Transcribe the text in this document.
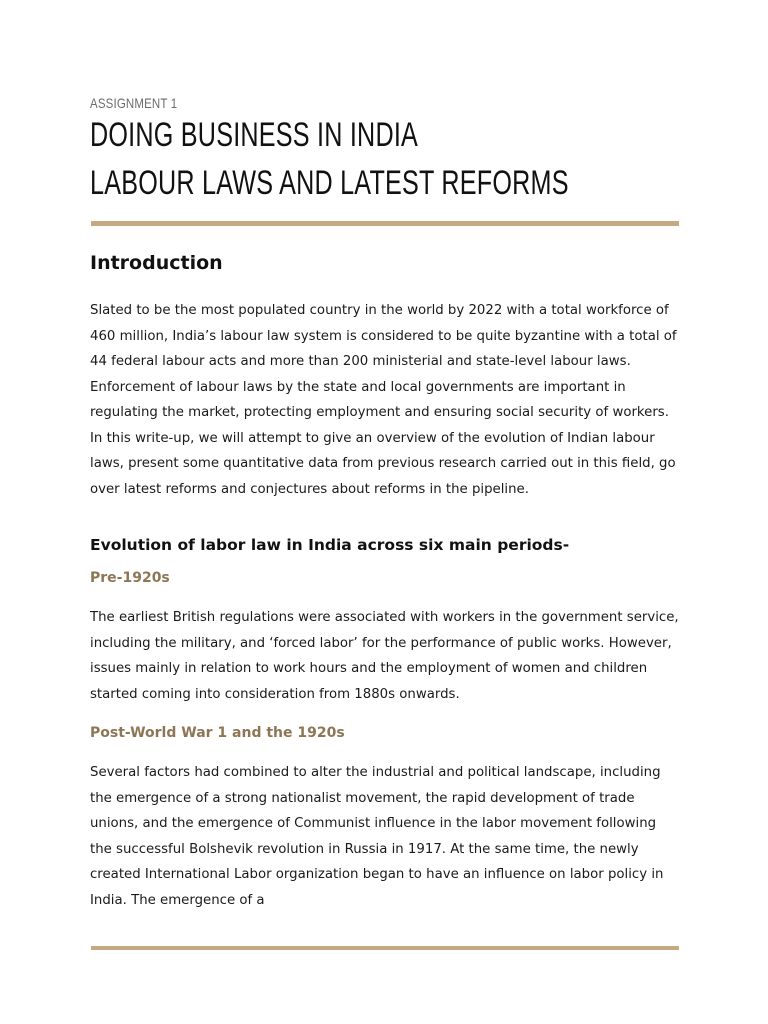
ASSIGNMENT 1
DOING BUSINESS IN INDIA
LABOUR LAWS AND LATEST REFORMS
Introduction

Slated to be the most populated country in the world by 2022 with a total workforce of 460 million, India’s labour law system is considered to be quite byzantine with a total of 44 federal labour acts and more than 200 ministerial and state-level labour laws. Enforcement of labour laws by the state and local governments are important in regulating the market, protecting employment and ensuring social security of workers. In this write-up, we will attempt to give an overview of the evolution of Indian labour laws, present some quantitative data from previous research carried out in this field, go over latest reforms and conjectures about reforms in the pipeline.

Evolution of labor law in India across six main periods-
Pre-1920s

The earliest British regulations were associated with workers in the government service, including the military, and ‘forced labor’ for the performance of public works. However, issues mainly in relation to work hours and the employment of women and children started coming into consideration from 1880s onwards.

Post-World War 1 and the 1920s

Several factors had combined to alter the industrial and political landscape, including the emergence of a strong nationalist movement, the rapid development of trade unions, and the emergence of Communist influence in the labor movement following the successful Bolshevik revolution in Russia in 1917. At the same time, the newly created International Labor organization began to have an influence on labor policy in India. The emergence of a
